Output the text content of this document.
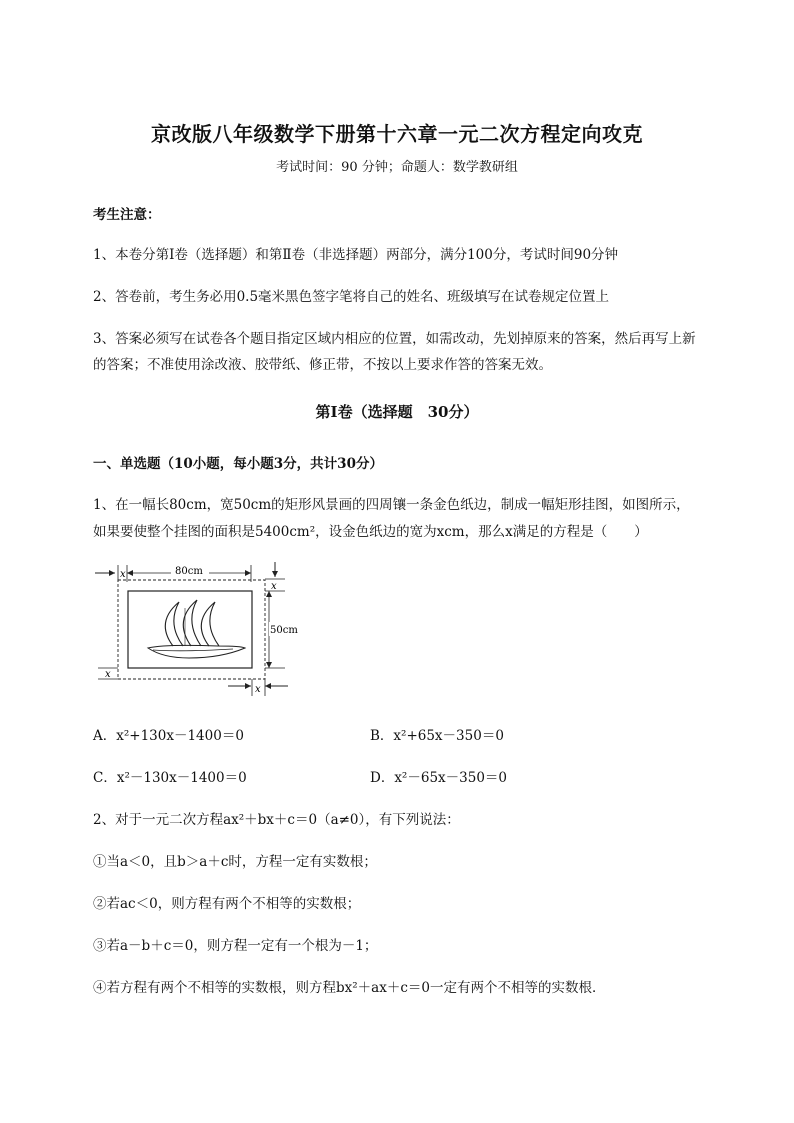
京改版八年级数学下册第十六章一元二次方程定向攻克
考试时间：90 分钟；命题人：数学教研组
考生注意：
1、本卷分第Ⅰ卷（选择题）和第Ⅱ卷（非选择题）两部分，满分100分，考试时间90分钟
2、答卷前，考生务必用0.5毫米黑色签字笔将自己的姓名、班级填写在试卷规定位置上
3、答案必须写在试卷各个题目指定区域内相应的位置，如需改动，先划掉原来的答案，然后再写上新
的答案；不准使用涂改液、胶带纸、修正带，不按以上要求作答的答案无效。
第Ⅰ卷（选择题　30分）
一、单选题（10小题，每小题3分，共计30分）
1、在一幅长80cm，宽50cm的矩形风景画的四周镶一条金色纸边，制成一幅矩形挂图，如图所示，
如果要使整个挂图的面积是5400cm²，设金色纸边的宽为xcm，那么x满足的方程是（　　）
x	80cm
x
50cm
x
x
A．x²+130x－1400＝0	B．x²+65x－350＝0
C．x²－130x－1400＝0	D．x²－65x－350＝0
2、对于一元二次方程ax²＋bx＋c＝0（a≠0），有下列说法：
①当a＜0，且b＞a＋c时，方程一定有实数根；
②若ac＜0，则方程有两个不相等的实数根；
③若a－b＋c＝0，则方程一定有一个根为－1；
④若方程有两个不相等的实数根，则方程bx²＋ax＋c＝0一定有两个不相等的实数根．
